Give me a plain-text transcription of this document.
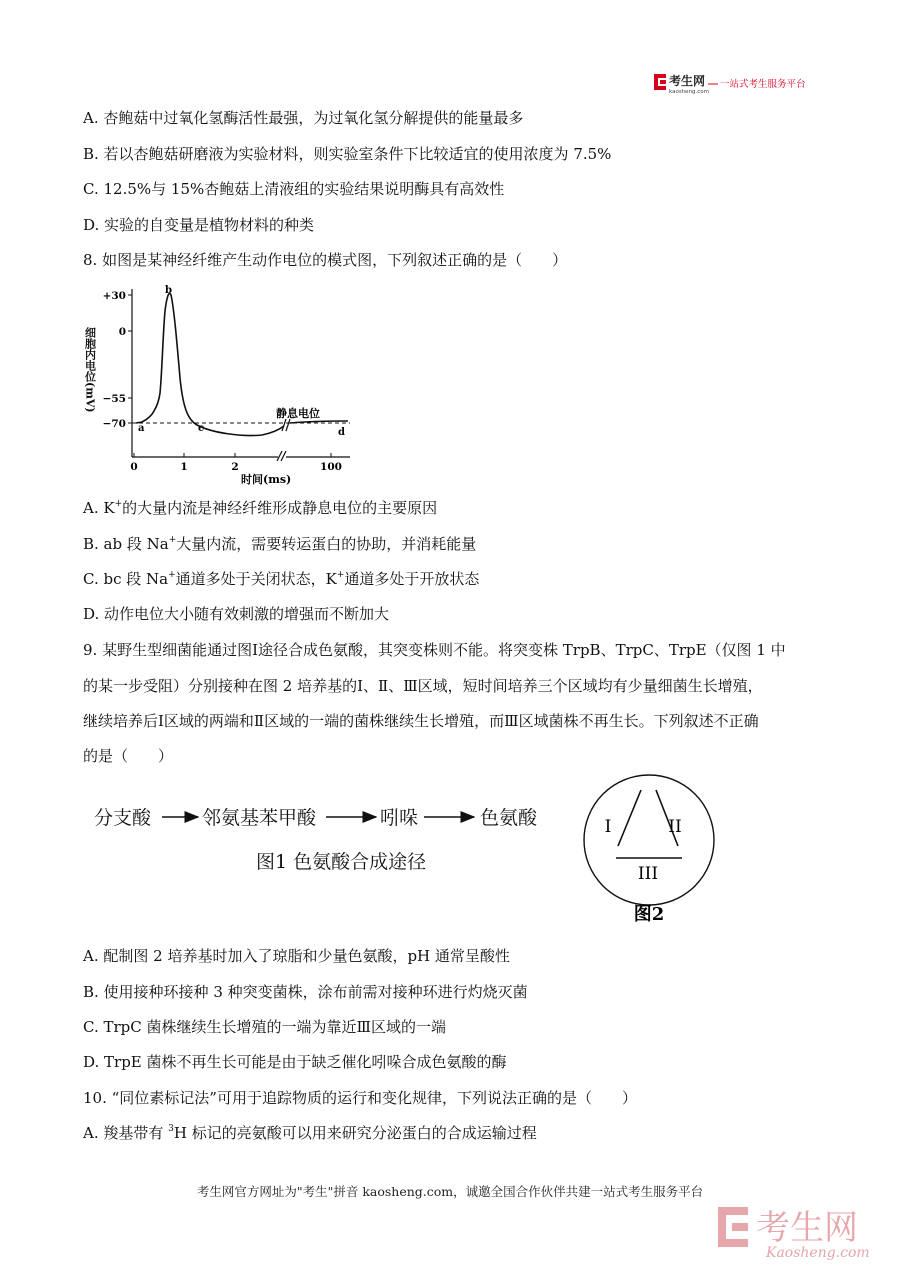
考生网
kaosheng.com
一站式考生服务平台
A. 杏鲍菇中过氧化氢酶活性最强，为过氧化氢分解提供的能量最多
B. 若以杏鲍菇研磨液为实验材料，则实验室条件下比较适宜的使用浓度为 7.5%
C. 12.5%与 15%杏鲍菇上清液组的实验结果说明酶具有高效性
D. 实验的自变量是植物材料的种类
8. 如图是某神经纤维产生动作电位的模式图，下列叙述正确的是（　　）
细胞内电位(mV)
+30
0
−55
−70
0	1	2	100
时间(ms)
a
b
c	d
静息电位
A. K+的大量内流是神经纤维形成静息电位的主要原因
B. ab 段 Na+大量内流，需要转运蛋白的协助，并消耗能量
C. bc 段 Na+通道多处于关闭状态，K+通道多处于开放状态
D. 动作电位大小随有效刺激的增强而不断加大
9. 某野生型细菌能通过图Ⅰ途径合成色氨酸，其突变株则不能。将突变株 TrpB、TrpC、TrpE（仅图 1 中
的某一步受阻）分别接种在图 2 培养基的Ⅰ、Ⅱ、Ⅲ区域，短时间培养三个区域均有少量细菌生长增殖，
继续培养后Ⅰ区域的两端和Ⅱ区域的一端的菌株继续生长增殖，而Ⅲ区域菌株不再生长。下列叙述不正确
的是（　　）
分支酸	邻氨基苯甲酸	吲哚	色氨酸
图1 色氨酸合成途径
I	II
III
图2
A. 配制图 2 培养基时加入了琼脂和少量色氨酸，pH 通常呈酸性
B. 使用接种环接种 3 种突变菌株，涂布前需对接种环进行灼烧灭菌
C. TrpC 菌株继续生长增殖的一端为靠近Ⅲ区域的一端
D. TrpE 菌株不再生长可能是由于缺乏催化吲哚合成色氨酸的酶
10. “同位素标记法”可用于追踪物质的运行和变化规律，下列说法正确的是（　　）
A. 羧基带有 $^3$H 标记的亮氨酸可以用来研究分泌蛋白的合成运输过程
考生网官方网址为"考生"拼音 kaosheng.com，诚邀全国合作伙伴共建一站式考生服务平台
考生网
Kaosheng.com
